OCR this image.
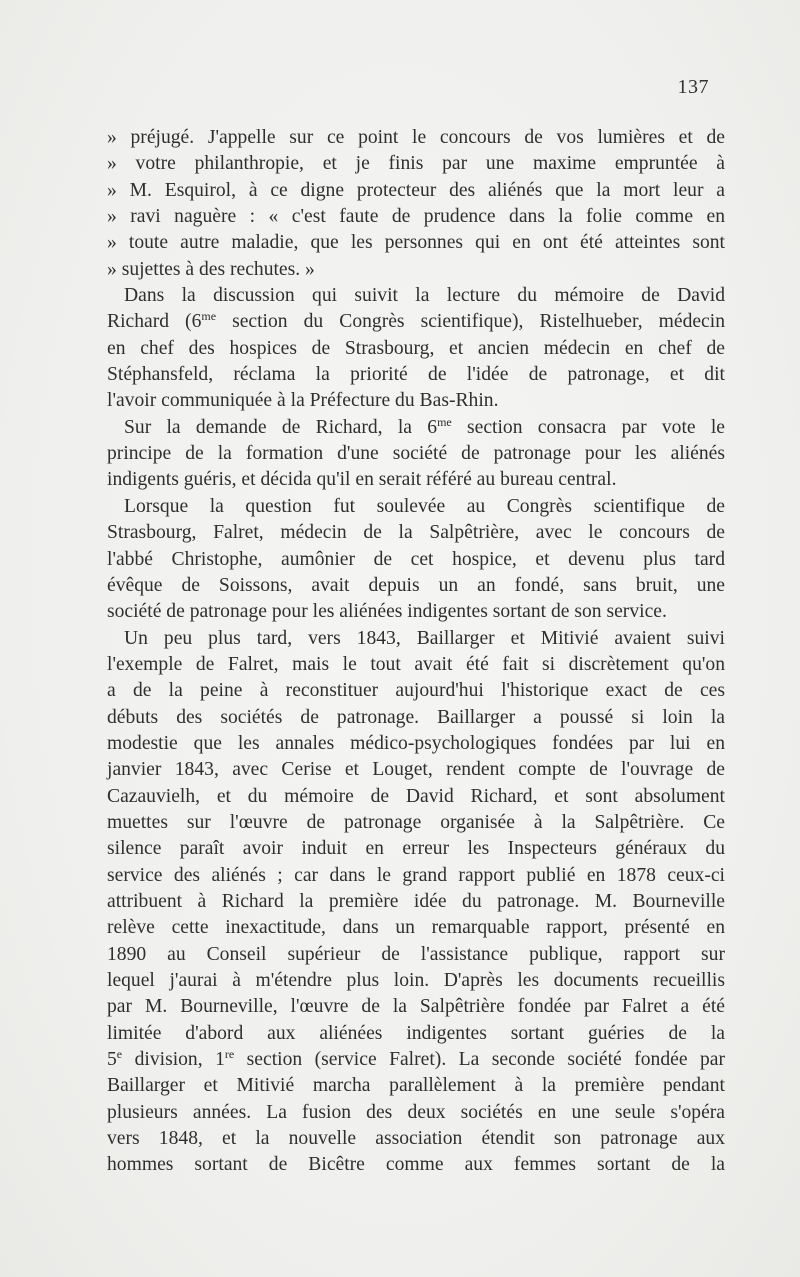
137

» préjugé. J'appelle sur ce point le concours de vos lumières et de
» votre philanthropie, et je finis par une maxime empruntée à
» M. Esquirol, à ce digne protecteur des aliénés que la mort leur a
» ravi naguère : « c'est faute de prudence dans la folie comme en
» toute autre maladie, que les personnes qui en ont été atteintes sont
» sujettes à des rechutes. »

Dans la discussion qui suivit la lecture du mémoire de David
Richard ($6^{me}$ section du Congrès scientifique), Ristelhueber, médecin
en chef des hospices de Strasbourg, et ancien médecin en chef de
Stéphansfeld, réclama la priorité de l'idée de patronage, et dit
l'avoir communiquée à la Préfecture du Bas-Rhin.

Sur la demande de Richard, la $6^{me}$ section consacra par vote le
principe de la formation d'une société de patronage pour les aliénés
indigents guéris, et décida qu'il en serait référé au bureau central.

Lorsque la question fut soulevée au Congrès scientifique de
Strasbourg, Falret, médecin de la Salpêtrière, avec le concours de
l'abbé Christophe, aumônier de cet hospice, et devenu plus tard
évêque de Soissons, avait depuis un an fondé, sans bruit, une
société de patronage pour les aliénées indigentes sortant de son service.

Un peu plus tard, vers 1843, Baillarger et Mitivié avaient suivi
l'exemple de Falret, mais le tout avait été fait si discrètement qu'on
a de la peine à reconstituer aujourd'hui l'historique exact de ces
débuts des sociétés de patronage. Baillarger a poussé si loin la
modestie que les annales médico-psychologiques fondées par lui en
janvier 1843, avec Cerise et Louget, rendent compte de l'ouvrage de
Cazauvielh, et du mémoire de David Richard, et sont absolument
muettes sur l'œuvre de patronage organisée à la Salpêtrière. Ce
silence paraît avoir induit en erreur les Inspecteurs généraux du
service des aliénés ; car dans le grand rapport publié en 1878 ceux-ci
attribuent à Richard la première idée du patronage. M. Bourneville
relève cette inexactitude, dans un remarquable rapport, présenté en
1890 au Conseil supérieur de l'assistance publique, rapport sur
lequel j'aurai à m'étendre plus loin. D'après les documents recueillis
par M. Bourneville, l'œuvre de la Salpêtrière fondée par Falret a été
limitée d'abord aux aliénées indigentes sortant guéries de la
5e division, 1re section (service Falret). La seconde société fondée par
Baillarger et Mitivié marcha parallèlement à la première pendant
plusieurs années. La fusion des deux sociétés en une seule s'opéra
vers 1848, et la nouvelle association étendit son patronage aux
hommes sortant de Bicêtre comme aux femmes sortant de la
